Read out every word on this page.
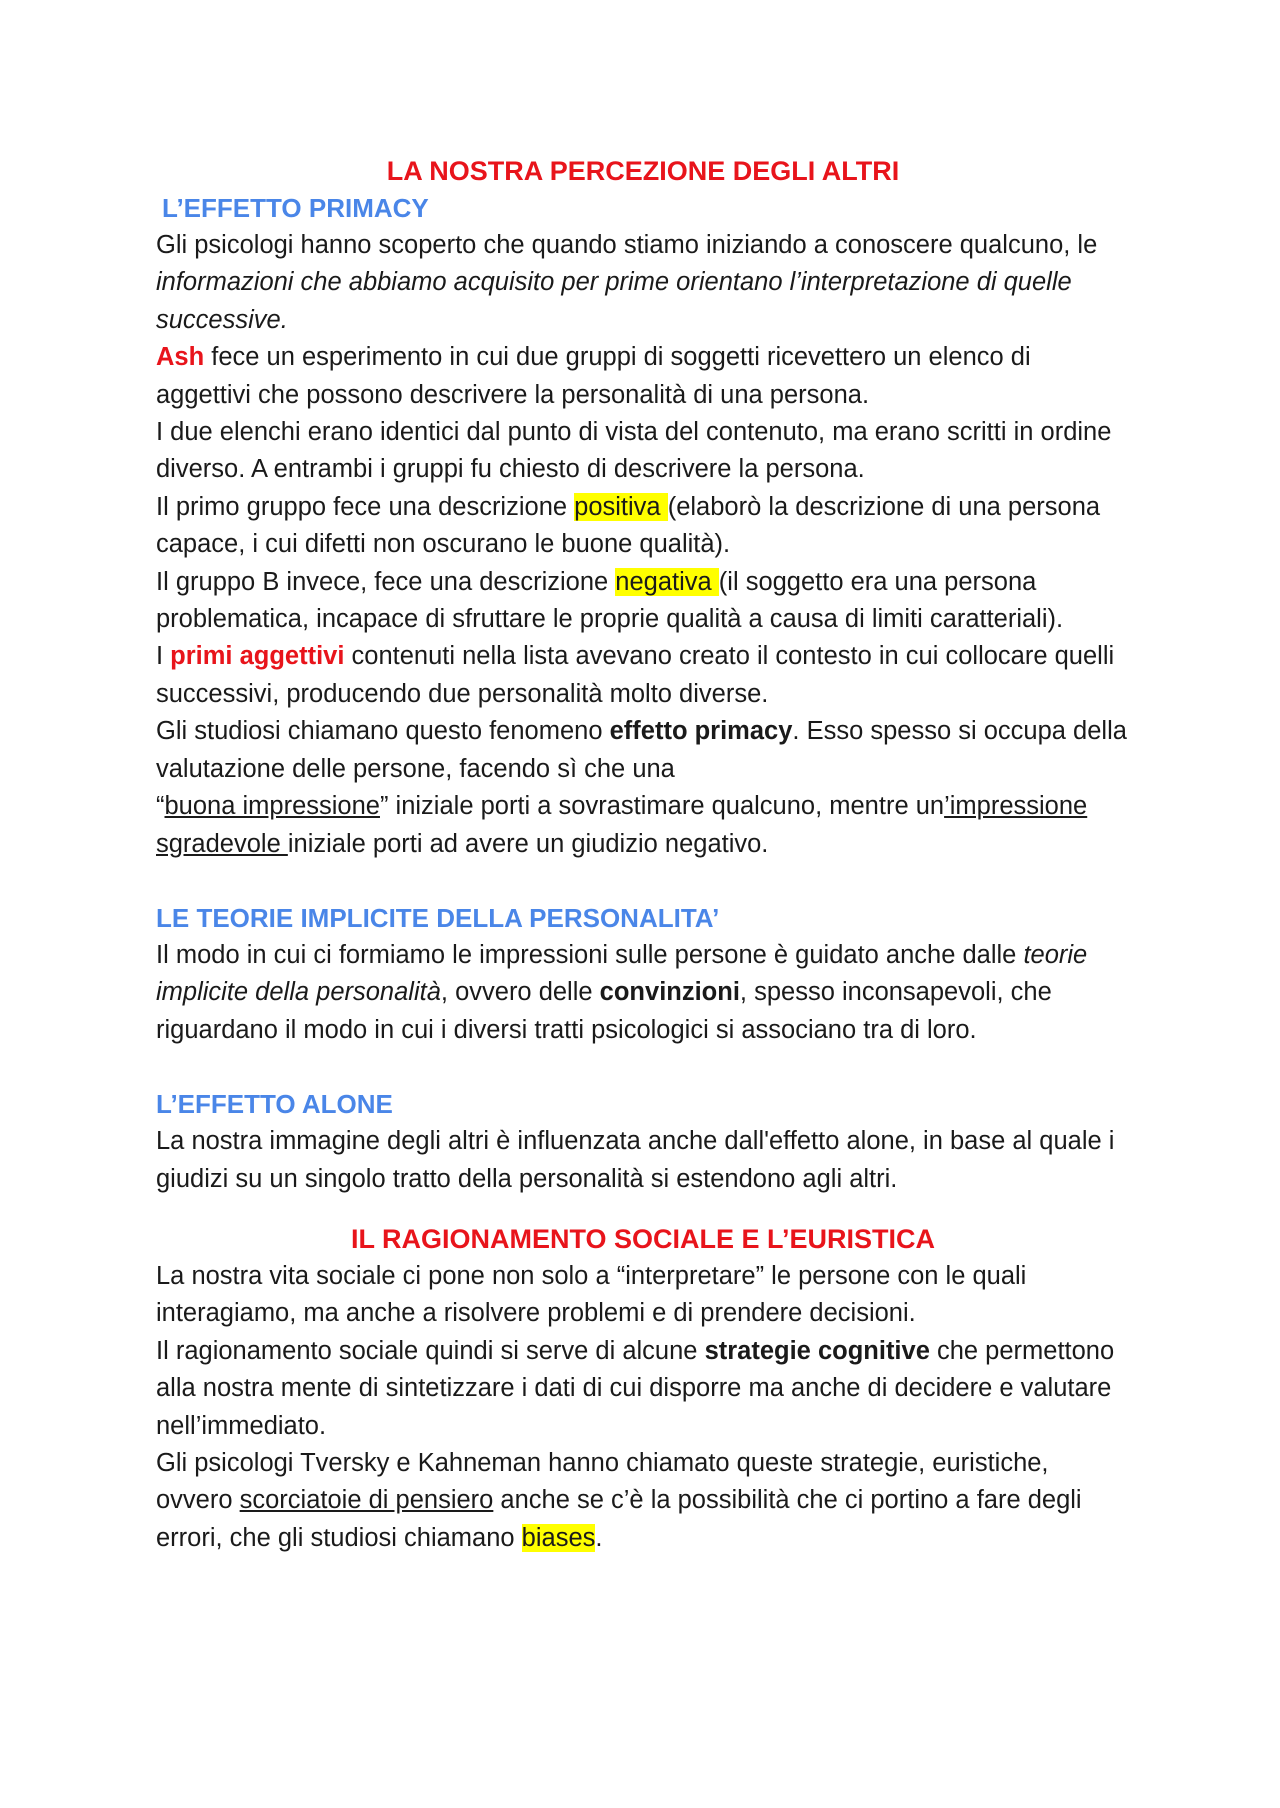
LA NOSTRA PERCEZIONE DEGLI ALTRI
L’EFFETTO PRIMACY

Gli psicologi hanno scoperto che quando stiamo iniziando a conoscere qualcuno, le informazioni che abbiamo acquisito per prime orientano l’interpretazione di quelle successive.

Ash fece un esperimento in cui due gruppi di soggetti ricevettero un elenco di aggettivi che possono descrivere la personalità di una persona.

I due elenchi erano identici dal punto di vista del contenuto, ma erano scritti in ordine diverso. A entrambi i gruppi fu chiesto di descrivere la persona.

Il primo gruppo fece una descrizione positiva (elaborò la descrizione di una persona capace, i cui difetti non oscurano le buone qualità).

Il gruppo B invece, fece una descrizione negativa (il soggetto era una persona problematica, incapace di sfruttare le proprie qualità a causa di limiti caratteriali).

I primi aggettivi contenuti nella lista avevano creato il contesto in cui collocare quelli successivi, producendo due personalità molto diverse.

Gli studiosi chiamano questo fenomeno effetto primacy. Esso spesso si occupa della valutazione delle persone, facendo sì che una
“buona impressione” iniziale porti a sovrastimare qualcuno, mentre un’impressione sgradevole iniziale porti ad avere un giudizio negativo.

LE TEORIE IMPLICITE DELLA PERSONALITA’

Il modo in cui ci formiamo le impressioni sulle persone è guidato anche dalle teorie implicite della personalità, ovvero delle convinzioni, spesso inconsapevoli, che riguardano il modo in cui i diversi tratti psicologici si associano tra di loro.

L’EFFETTO ALONE

La nostra immagine degli altri è influenzata anche dall'effetto alone, in base al quale i giudizi su un singolo tratto della personalità si estendono agli altri.

IL RAGIONAMENTO SOCIALE E L’EURISTICA

La nostra vita sociale ci pone non solo a “interpretare” le persone con le quali interagiamo, ma anche a risolvere problemi e di prendere decisioni.

Il ragionamento sociale quindi si serve di alcune strategie cognitive che permettono alla nostra mente di sintetizzare i dati di cui disporre ma anche di decidere e valutare nell’immediato.

Gli psicologi Tversky e Kahneman hanno chiamato queste strategie, euristiche, ovvero scorciatoie di pensiero anche se c’è la possibilità che ci portino a fare degli errori, che gli studiosi chiamano biases.
